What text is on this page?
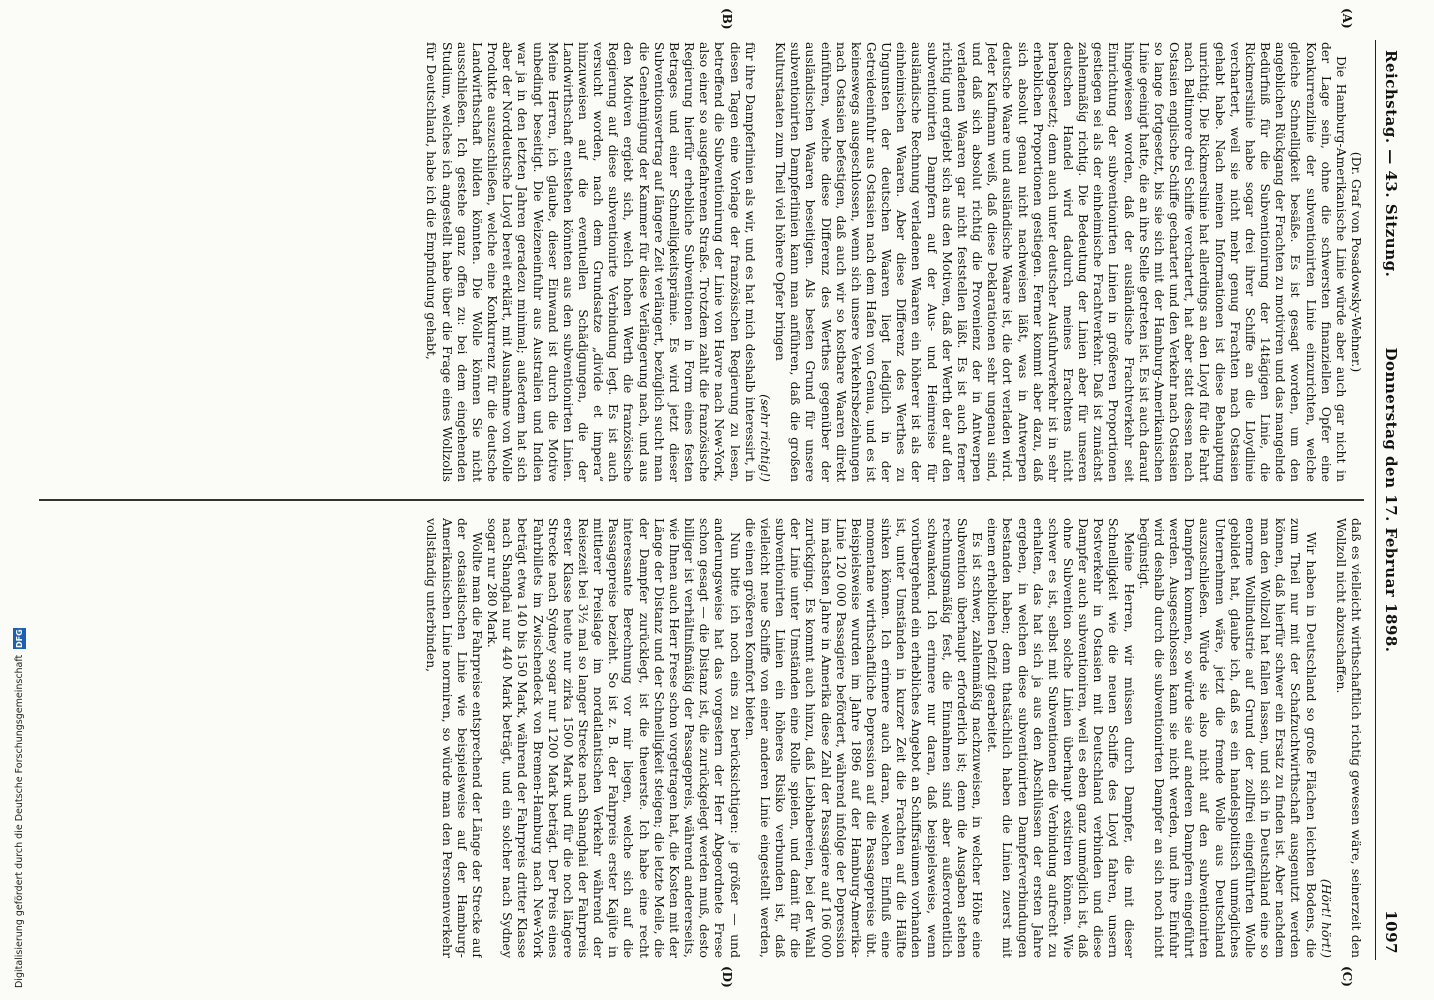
Reichstag. — 43. Sitzung.
Donnerstag den 17. Februar 1898.
1097
(A)
(B)
(C)
(D)

(Dr. Graf von Posadowsky-Wehner.)

Die Hamburg-Amerikanische Linie würde aber auch gar nicht in der Lage sein, ohne die schwersten finanziellen Opfer eine Konkurrenzlinie der subventionirten Linie einzurichten, welche gleiche Schnelligkeit besäße. Es ist gesagt worden, um den angeblichen Rückgang der Frachten zu motiviren und das mangelnde Bedürfniß für die Subventionirung der 14tägigen Linie, die Rickmerslinie habe sogar drei ihrer Schiffe an die Lloydlinie verchartert, weil sie nicht mehr genug Frachten nach Ostasien gehabt habe. Nach meinen Informationen ist diese Behauptung unrichtig. Die Rickmerslinie hat allerdings an den Lloyd für die Fahrt nach Baltimore drei Schiffe verchartert, hat aber statt dessen nach Ostasien englische Schiffe gechartert und den Verkehr nach Ostasien so lange fortgesetzt, bis sie sich mit der Hamburg-Amerikanischen Linie geeinigt hatte, die an ihre Stelle getreten ist. Es ist auch darauf hingewiesen worden, daß der ausländische Frachtverkehr seit Einrichtung der subventionirten Linien in größeren Proportionen gestiegen sei als der einheimische Frachtverkehr. Daß ist zunächst zahlenmäßig richtig. Die Bedeutung der Linien aber für unseren deutschen Handel wird dadurch meines Erachtens nicht herabgesetzt; denn auch unter deutscher Ausfuhrverkehr ist in sehr erheblichen Proportionen gestiegen. Ferner kommt aber dazu, daß sich absolut genau nicht nachweisen läßt, was in Antwerpen deutsche Waare und ausländische Waare ist, die dort verladen wird. Jeder Kaufmann weiß, daß diese Deklarationen sehr ungenau sind, und daß sich absolut richtig die Provenienz der in Antwerpen verladenen Waaren gar nicht feststellen läßt. Es ist auch ferner richtig und ergiebt sich aus den Motiven, daß der Werth der auf den subventionirten Dampfern auf der Aus- und Heimreise für ausländische Rechnung verladenen Waaren ein höherer ist als der einheimischen Waaren. Aber diese Differenz des Werthes zu Ungunsten der deutschen Waaren liegt lediglich in der Getreideeinfuhr aus Ostasien nach dem Hafen von Genua, und es ist keineswegs ausgeschlossen, wenn sich unsere Verkehrsbeziehungen nach Ostasien befestigen, daß auch wir so kostbare Waaren direkt einführen, welche diese Differenz des Werthes gegenüber der ausländischen Waaren beseitigen. Als besten Grund für unsere subventionirten Dampferlinien kann man anführen, daß die großen Kulturstaaten zum Theil viel höhere Opfer bringen

(sehr richtig!)

für ihre Dampferlinien als wir, und es hat mich deshalb interessirt, in diesen Tagen eine Vorlage der französischen Regierung zu lesen, betreffend die Subventionirung der Linie von Havre nach New-York, also einer so ausgefahrenen Straße. Trotzdem zahlt die französische Regierung hierfür erhebliche Subventionen in Form eines festen Betrages und einer Schnelligkeitsprämie. Es wird jetzt dieser Subventionsvertrag auf längere Zeit verlängert, bezüglich sucht man die Genehmigung der Kammer für diese Verlängerung nach, und aus den Motiven ergiebt sich, welch hohen Werth die französische Regierung auf diese subventionirte Verbindung legt. Es ist auch versucht worden, nach dem Grundsatze „divide et impera“ hinzuweisen auf die eventuellen Schädigungen, die der Landwirthschaft entstehen könnten aus den subventionirten Linien. Meine Herren, ich glaube, dieser Einwand ist durch die Motive unbedingt beseitigt. Die Weizeneinfuhr aus Australien und Indien war ja in den letzten Jahren geradezu minimal; außerdem hat sich aber der Norddeutsche Lloyd bereit erklärt, mit Ausnahme von Wolle Produkte auszuschließen, welche eine Konkurrenz für die deutsche Landwirthschaft bilden könnten. Die Wolle können Sie nicht ausschließen. Ich gestehe ganz offen zu: bei dem eingehenden Studium, welches ich angestellt habe über die Frage eines Wollzolls für Deutschland, habe ich die Empfindung gehabt,

daß es vielleicht wirthschaftlich richtig gewesen wäre, seinerzeit den Wollzoll nicht abzuschaffen.

(Hört! hört!)

Wir haben in Deutschland so große Flächen leichten Bodens, die zum Theil nur mit der Schafzuchtwirthschaft ausgenutzt werden können, daß hierfür schwer ein Ersatz zu finden ist. Aber nachdem man den Wollzoll hat fallen lassen, und sich in Deutschland eine so enorme Wollindustrie auf Grund der zollfrei eingeführten Wolle gebildet hat, glaube ich, daß es ein handelspolitisch unmögliches Unternehmen wäre, jetzt die fremde Wolle aus Deutschland auszuschließen. Würde sie also nicht auf den subventionirten Dampfern kommen, so würde sie auf anderen Dampfern eingeführt werden. Ausgeschlossen kann sie nicht werden, und ihre Einfuhr wird deshalb durch die subventionirten Dampfer an sich noch nicht begünstigt.

Meine Herren, wir müssen durch Dampfer, die mit dieser Schnelligkeit wie die neuen Schiffe des Lloyd fahren, unsern Postverkehr in Ostasien mit Deutschland verbinden und diese Dampfer auch subventioniren, weil es eben ganz unmöglich ist, daß ohne Subvention solche Linien überhaupt existiren können. Wie schwer es ist, selbst mit Subventionen die Verbindung aufrecht zu erhalten, das hat sich ja aus den Abschlüssen der ersten Jahre ergeben, in welchen diese subventionirten Dampferverbindungen bestanden haben; denn thatsächlich haben die Linien zuerst mit einem erheblichen Defizit gearbeitet.

Es ist schwer, zahlenmäßig nachzuweisen, in welcher Höhe eine Subvention überhaupt erforderlich ist; denn die Ausgaben stehen rechnungsmäßig fest, die Einnahmen sind aber außerordentlich schwankend. Ich erinnere nur daran, daß beispielsweise, wenn vorübergehend ein erhebliches Angebot an Schiffsräumen vorhanden ist, unter Umständen in kurzer Zeit die Frachten auf die Hälfte sinken können. Ich erinnere auch daran, welchen Einfluß eine momentane wirthschaftliche Depression auf die Passagepreise übt. Beispielsweise wurden im Jahre 1896 auf der Hamburg-Amerika-Linie 120 000 Passagiere befördert, während infolge der Depression im nächsten Jahre in Amerika diese Zahl der Passagiere auf 106 000 zurückging. Es kommt auch hinzu, daß Liebhabereien, bei der Wahl der Linie unter Umständen eine Rolle spielen, und damit für die subventionirten Linien ein höheres Risiko verbunden ist, daß vielleicht neue Schiffe von einer anderen Linie eingestellt werden, die einen größeren Komfort bieten.

Nun bitte ich noch eins zu berücksichtigen: je größer — und anderungsweise hat das vorgestern der Herr Abgeordnete Frese schon gesagt — die Distanz ist, die zurückgelegt werden muß, desto billiger ist verhältnißmäßig der Passagepreis, während andererseits, wie Ihnen auch Herr Frese schon vorgetragen hat, die Kosten mit der Länge der Distanz und der Schnelligkeit steigen; die letzte Meile, die der Dampfer zurücklegt, ist die theuerste. Ich habe eine recht interessante Berechnung vor mir liegen, welche sich auf die Passagepreise bezieht. So ist z. B. der Fahrpreis erster Kajüte in mittlerer Preislage im nordatlantischen Verkehr während der Reisezeit bei 3½ mal so langer Strecke nach Shanghai der Fahrpreis erster Klasse heute nur zirka 1500 Mark und für die noch längere Strecke nach Sydney sogar nur 1200 Mark beträgt. Der Preis eines Fahrbillets im Zwischendeck von Bremen-Hamburg nach New-York beträgt etwa 140 bis 150 Mark, während der Fahrpreis dritter Klasse nach Shanghai nur 440 Mark beträgt, und ein solcher nach Sydney sogar nur 280 Mark.

Wollte man die Fahrpreise entsprechend der Länge der Strecke auf der ostasiatischen Linie wie beispielsweise auf der Hamburg-Amerikanischen Linie normiren, so würde man den Personenverkehr vollständig unterbinden,

Digitalisierung gefördert durch die Deutsche Forschungsgemeinschaft DFG
